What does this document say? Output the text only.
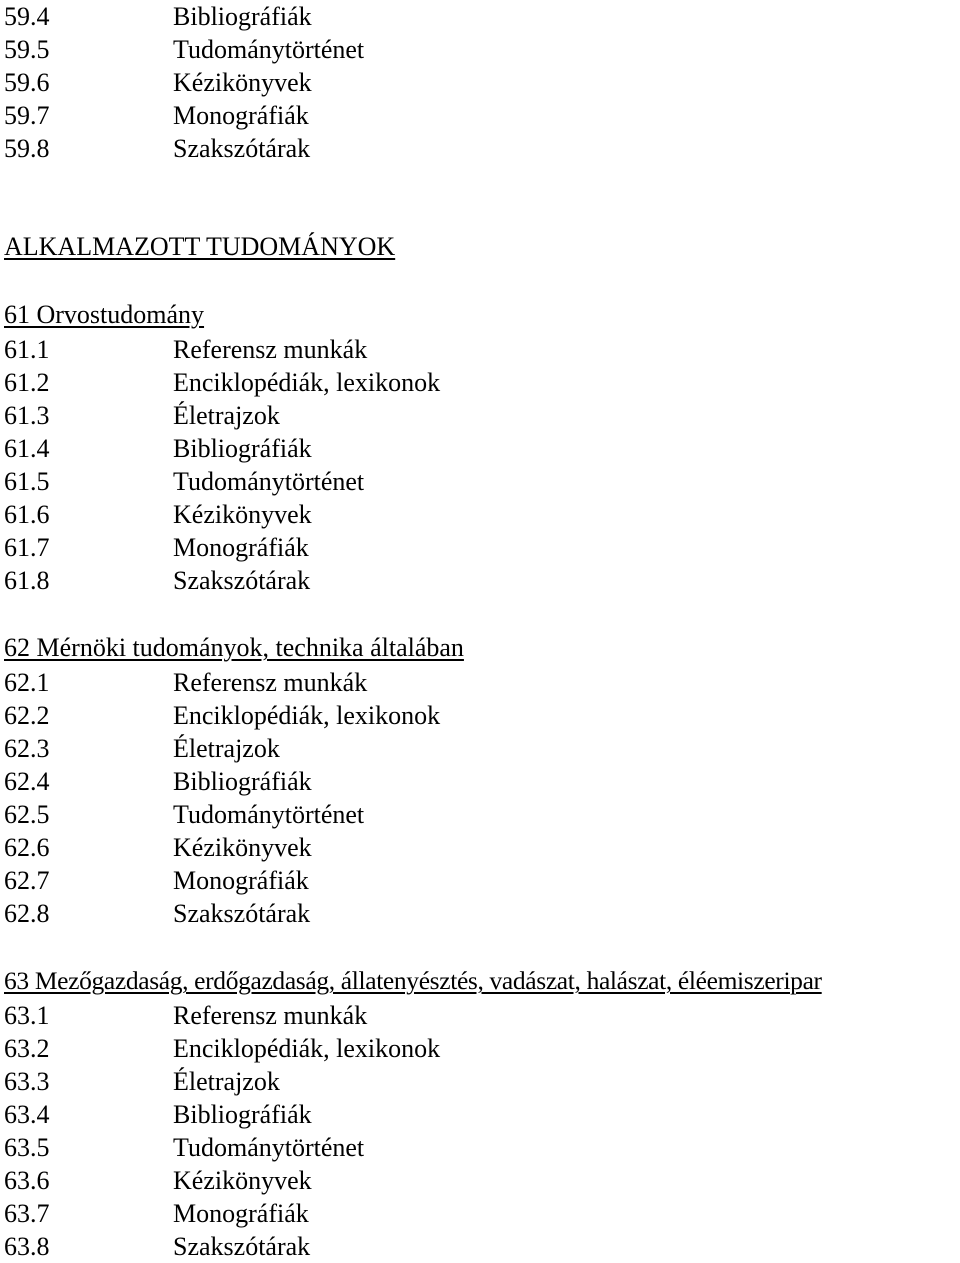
59.4	Bibliográfiák
59.5	Tudománytörténet
59.6	Kézikönyvek
59.7	Monográfiák
59.8	Szakszótárak
ALKALMAZOTT TUDOMÁNYOK
61 Orvostudomány
61.1	Referensz munkák
61.2	Enciklopédiák, lexikonok
61.3	Életrajzok
61.4	Bibliográfiák
61.5	Tudománytörténet
61.6	Kézikönyvek
61.7	Monográfiák
61.8	Szakszótárak
62 Mérnöki tudományok, technika általában
62.1	Referensz munkák
62.2	Enciklopédiák, lexikonok
62.3	Életrajzok
62.4	Bibliográfiák
62.5	Tudománytörténet
62.6	Kézikönyvek
62.7	Monográfiák
62.8	Szakszótárak
63 Mezőgazdaság, erdőgazdaság, állatenyésztés, vadászat, halászat, éléemiszeripar
63.1	Referensz munkák
63.2	Enciklopédiák, lexikonok
63.3	Életrajzok
63.4	Bibliográfiák
63.5	Tudománytörténet
63.6	Kézikönyvek
63.7	Monográfiák
63.8	Szakszótárak
